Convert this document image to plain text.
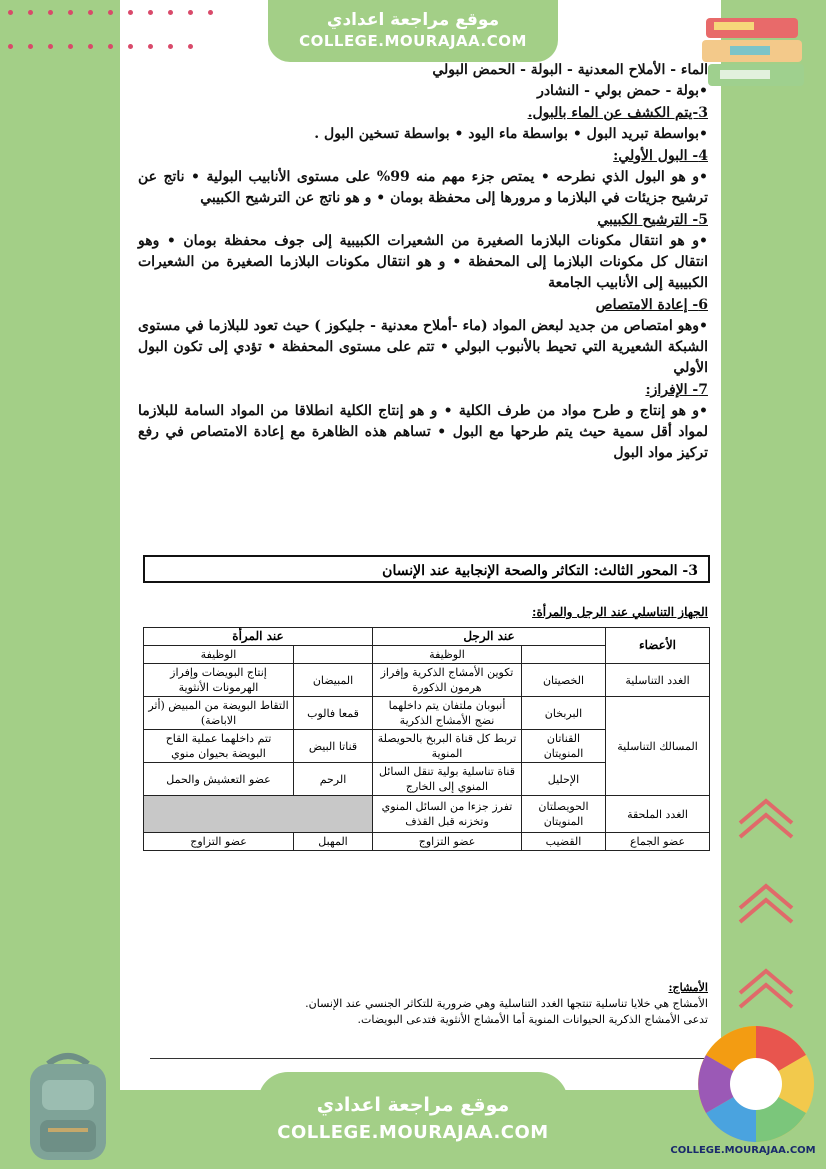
موقع مراجعة اعدادي
COLLEGE.MOURAJAA.COM
الماء - الأملاح المعدنية - البولة - الحمض البولي
•بولة - حمض بولي - النشادر
3-يتم الكشف عن الماء بالبول.
•بواسطة تبريد البول • بواسطة ماء اليود • بواسطة تسخين البول .
4- البول الأولي:
•و هو البول الذي نطرحه • يمتص جزء مهم منه 99% على مستوى الأنابيب البولية • ناتج عن ترشيح جزيئات في البلازما و مرورها إلى محفظة بومان • و هو ناتج عن الترشيح الكبيبي
5- الترشيح الكبيبي
•و هو انتقال مكونات البلازما الصغيرة من الشعيرات الكبيبية إلى جوف محفظة بومان • وهو انتقال كل مكونات البلازما إلى المحفظة • و هو انتقال مكونات البلازما الصغيرة من الشعيرات الكبيبية إلى الأنابيب الجامعة
6- إعادة الامتصاص
•وهو امتصاص من جديد لبعض المواد (ماء -أملاح معدنية - جليكوز ) حيث تعود للبلازما في مستوى الشبكة الشعيرية التي تحيط بالأنبوب البولي • تتم على مستوى المحفظة • تؤدي إلى تكون البول الأولي
7- الإفراز:
•و هو إنتاج و طرح مواد من طرف الكلية • و هو إنتاج الكلية انطلاقا من المواد السامة للبلازما لمواد أقل سمية حيث يتم طرحها مع البول • تساهم هذه الظاهرة مع إعادة الامتصاص في رفع تركيز مواد البول
3- المحور الثالث: التكاثر والصحة الإنجابية عند الإنسان
الجهاز التناسلي عند الرجل والمرأة:
الأعضاء	عند الرجل		عند المرأة	
		الوظيفة		الوظيفة
الغدد التناسلية	الخصيتان	تكوين الأمشاج الذكرية وإفراز هرمون الذكورة	المبيضان	إنتاج البويضات وإفراز الهرمونات الأنثوية
المسالك التناسلية	البربخان	أنبوبان ملتفان يتم داخلهما نضج الأمشاج الذكرية	قمعا فالوب	التقاط البويضة من المبيض (أثر الاباضة)
	القناتان المنويتان	تربط كل قناة البربخ بالحويصلة المنوية	قناتا البيض	تتم داخلهما عملية القاح البويضة بحيوان منوي
	الإحليل	قناة تناسلية بولية تنقل السائل المنوي إلى الخارج	الرحم	عضو التعشيش والحمل
الغدد الملحقة	الحويصلتان المنويتان	تفرز جزءا من السائل المنوي وتخزنه قبل القذف		
عضو الجماع	القضيب	عضو التزاوج	المهبل	عضو التزاوج
الأمشاج:
الأمشاج هي خلايا تناسلية تنتجها الغدد التناسلية وهي ضرورية للتكاثر الجنسي عند الإنسان.
تدعى الأمشاج الذكرية الحيوانات المنوية أما الأمشاج الأنثوية فتدعى البويضات.
موقع مراجعة اعدادي
COLLEGE.MOURAJAA.COM
COLLEGE.MOURAJAA.COM
